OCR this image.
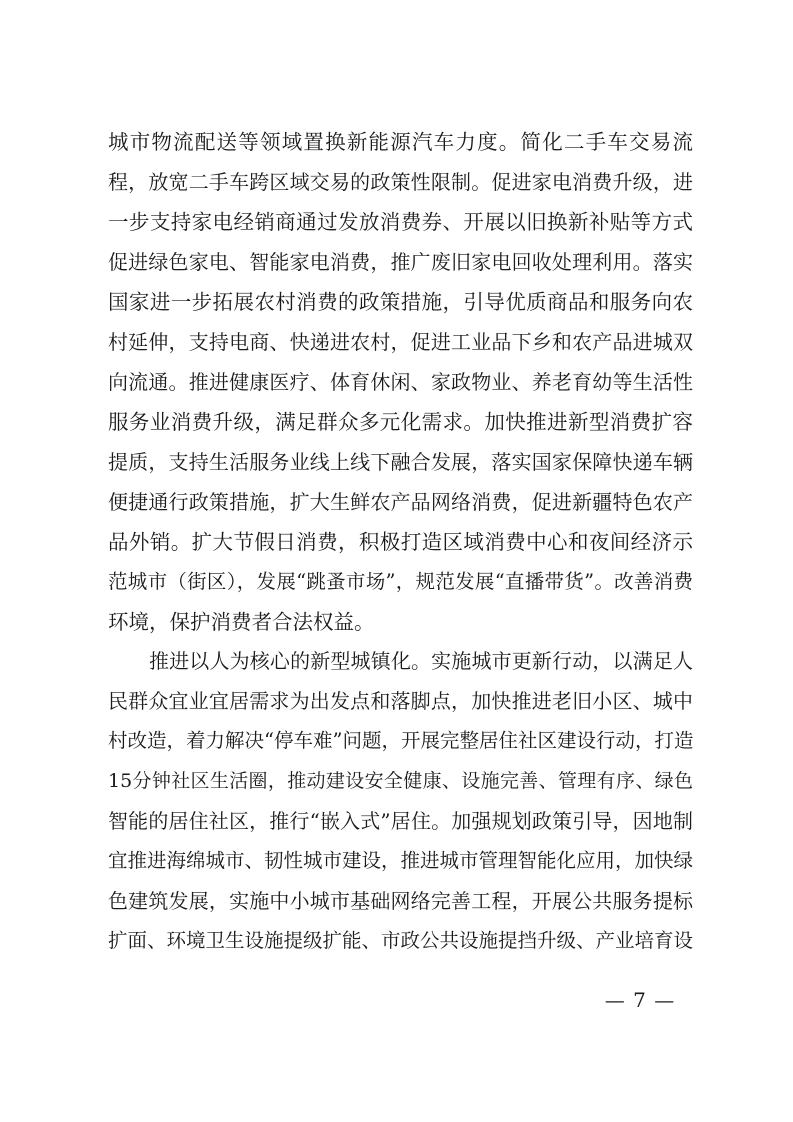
城市物流配送等领域置换新能源汽车力度。简化二手车交易流
程，放宽二手车跨区域交易的政策性限制。促进家电消费升级，进
一步支持家电经销商通过发放消费券、开展以旧换新补贴等方式
促进绿色家电、智能家电消费，推广废旧家电回收处理利用。落实
国家进一步拓展农村消费的政策措施，引导优质商品和服务向农
村延伸，支持电商、快递进农村，促进工业品下乡和农产品进城双
向流通。推进健康医疗、体育休闲、家政物业、养老育幼等生活性
服务业消费升级，满足群众多元化需求。加快推进新型消费扩容
提质，支持生活服务业线上线下融合发展，落实国家保障快递车辆
便捷通行政策措施，扩大生鲜农产品网络消费，促进新疆特色农产
品外销。扩大节假日消费，积极打造区域消费中心和夜间经济示
范城市（街区），发展“跳蚤市场”，规范发展“直播带货”。改善消费
环境，保护消费者合法权益。
推进以人为核心的新型城镇化。实施城市更新行动，以满足人
民群众宜业宜居需求为出发点和落脚点，加快推进老旧小区、城中
村改造，着力解决“停车难”问题，开展完整居住社区建设行动，打造
15分钟社区生活圈，推动建设安全健康、设施完善、管理有序、绿色
智能的居住社区，推行“嵌入式”居住。加强规划政策引导，因地制
宜推进海绵城市、韧性城市建设，推进城市管理智能化应用，加快绿
色建筑发展，实施中小城市基础网络完善工程，开展公共服务提标
扩面、环境卫生设施提级扩能、市政公共设施提挡升级、产业培育设
— 7 —
